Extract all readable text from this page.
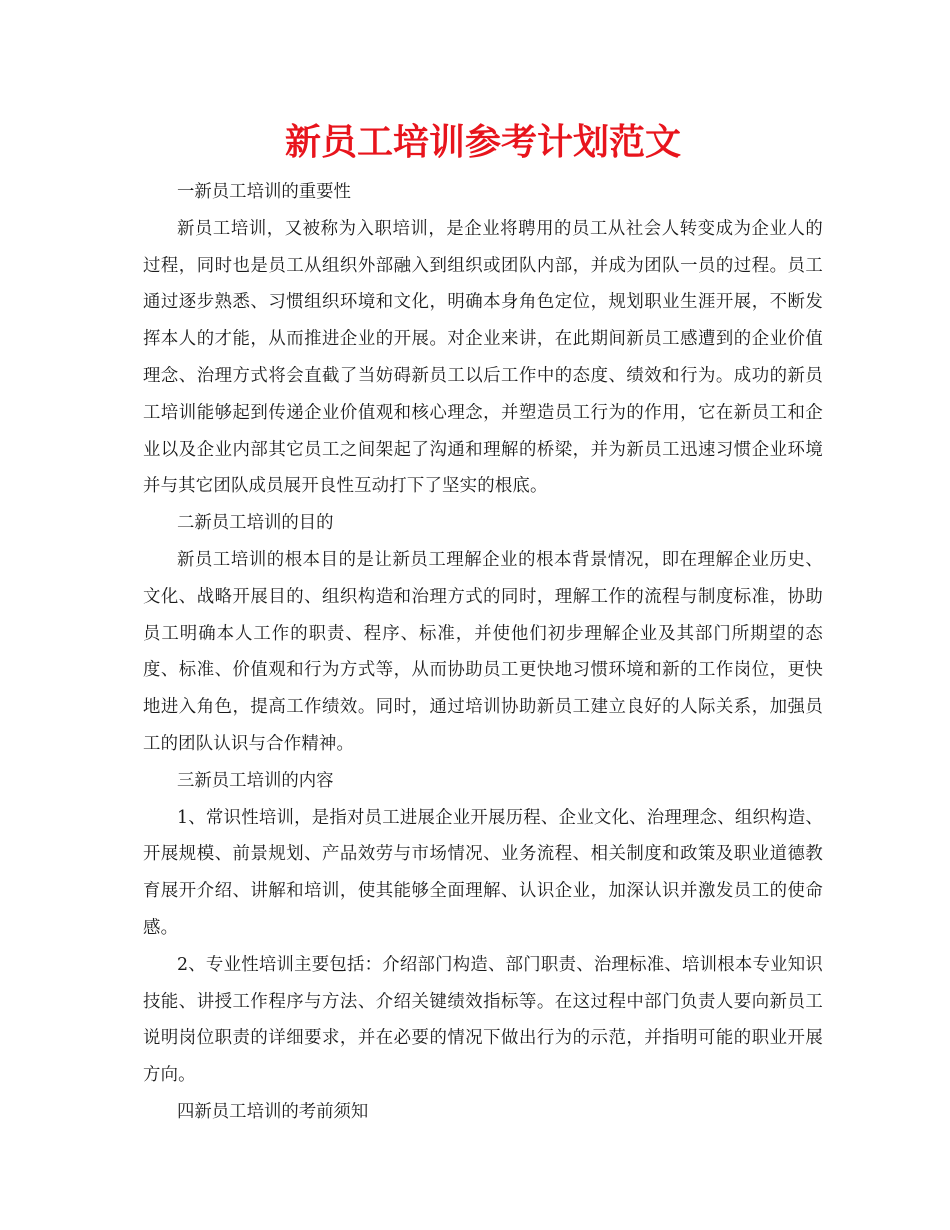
新员工培训参考计划范文

一新员工培训的重要性

新员工培训，又被称为入职培训，是企业将聘用的员工从社会人转变成为企业人的过程，同时也是员工从组织外部融入到组织或团队内部，并成为团队一员的过程。员工通过逐步熟悉、习惯组织环境和文化，明确本身角色定位，规划职业生涯开展，不断发挥本人的才能，从而推进企业的开展。对企业来讲，在此期间新员工感遭到的企业价值理念、治理方式将会直截了当妨碍新员工以后工作中的态度、绩效和行为。成功的新员工培训能够起到传递企业价值观和核心理念，并塑造员工行为的作用，它在新员工和企业以及企业内部其它员工之间架起了沟通和理解的桥梁，并为新员工迅速习惯企业环境并与其它团队成员展开良性互动打下了坚实的根底。

二新员工培训的目的

新员工培训的根本目的是让新员工理解企业的根本背景情况，即在理解企业历史、文化、战略开展目的、组织构造和治理方式的同时，理解工作的流程与制度标准，协助员工明确本人工作的职责、程序、标准，并使他们初步理解企业及其部门所期望的态度、标准、价值观和行为方式等，从而协助员工更快地习惯环境和新的工作岗位，更快地进入角色，提高工作绩效。同时，通过培训协助新员工建立良好的人际关系，加强员工的团队认识与合作精神。

三新员工培训的内容

1、常识性培训，是指对员工进展企业开展历程、企业文化、治理理念、组织构造、开展规模、前景规划、产品效劳与市场情况、业务流程、相关制度和政策及职业道德教育展开介绍、讲解和培训，使其能够全面理解、认识企业，加深认识并激发员工的使命感。

2、专业性培训主要包括：介绍部门构造、部门职责、治理标准、培训根本专业知识技能、讲授工作程序与方法、介绍关键绩效指标等。在这过程中部门负责人要向新员工说明岗位职责的详细要求，并在必要的情况下做出行为的示范，并指明可能的职业开展方向。

四新员工培训的考前须知
